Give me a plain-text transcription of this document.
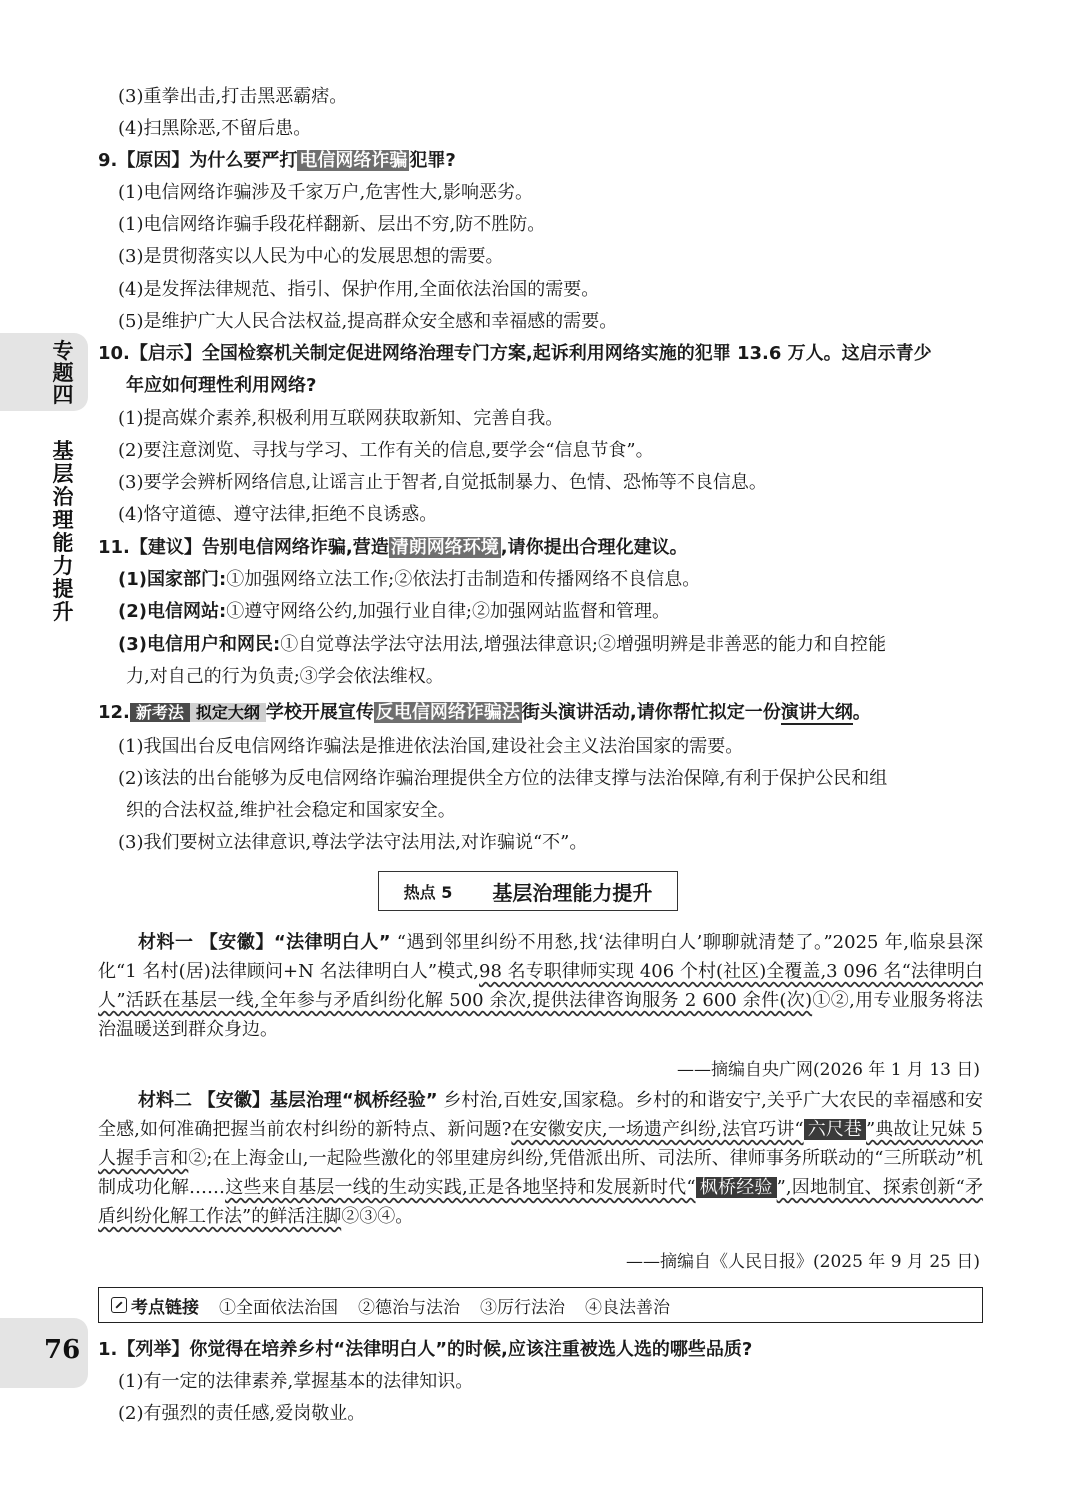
专题四
基层治理能力提升
76
(3)重拳出击,打击黑恶霸痞。
(4)扫黑除恶,不留后患。
9.【原因】为什么要严打 电信网络诈骗 犯罪?
(1)电信网络诈骗涉及千家万户,危害性大,影响恶劣。
(1)电信网络诈骗手段花样翻新、层出不穷,防不胜防。
(3)是贯彻落实以人民为中心的发展思想的需要。
(4)是发挥法律规范、指引、保护作用,全面依法治国的需要。
(5)是维护广大人民合法权益,提高群众安全感和幸福感的需要。
10.【启示】全国检察机关制定促进网络治理专门方案,起诉利用网络实施的犯罪 13.6 万人。这启示青少
年应如何理性利用网络?
(1)提高媒介素养,积极利用互联网获取新知、完善自我。
(2)要注意浏览、寻找与学习、工作有关的信息,要学会“信息节食”。
(3)要学会辨析网络信息,让谣言止于智者,自觉抵制暴力、色情、恐怖等不良信息。
(4)恪守道德、遵守法律,拒绝不良诱惑。
11.【建议】告别电信网络诈骗,营造 清朗网络环境 ,请你提出合理化建议。
(1)国家部门:①加强网络立法工作;②依法打击制造和传播网络不良信息。
(2)电信网站:①遵守网络公约,加强行业自律;②加强网站监督和管理。
(3)电信用户和网民:①自觉尊法学法守法用法,增强法律意识;②增强明辨是非善恶的能力和自控能
力,对自己的行为负责;③学会依法维权。
12. 新考法 拟定大纲 学校开展宣传 反电信网络诈骗法 街头演讲活动,请你帮忙拟定一份演讲大纲。
(1)我国出台反电信网络诈骗法是推进依法治国,建设社会主义法治国家的需要。
(2)该法的出台能够为反电信网络诈骗治理提供全方位的法律支撑与法治保障,有利于保护公民和组
织的合法权益,维护社会稳定和国家安全。
(3)我们要树立法律意识,尊法学法守法用法,对诈骗说“不”。
热点 5 基层治理能力提升
材料一 【安徽】“法律明白人” “遇到邻里纠纷不用愁,找‘法律明白人’聊聊就清楚了。”2025 年,临泉县深化“1 名村(居)法律顾问+N 名法律明白人”模式,98 名专职律师实现 406 个村(社区)全覆盖,3 096 名“法律明白人”活跃在基层一线,全年参与矛盾纠纷化解 500 余次,提供法律咨询服务 2 600 余件(次)①②,用专业服务将法治温暖送到群众身边。
——摘编自央广网(2026 年 1 月 13 日)
材料二 【安徽】基层治理“枫桥经验” 乡村治,百姓安,国家稳。乡村的和谐安宁,关乎广大农民的幸福感和安全感,如何准确把握当前农村纠纷的新特点、新问题?在安徽安庆,一场遗产纠纷,法官巧讲“ 六尺巷 ”典故让兄妹 5 人握手言和②;在上海金山,一起险些激化的邻里建房纠纷,凭借派出所、司法所、律师事务所联动的“三所联动”机制成功化解……这些来自基层一线的生动实践,正是各地坚持和发展新时代“ 枫桥经验 ”,因地制宜、探索创新“矛盾纠纷化解工作法”的鲜活注脚②③④。
——摘编自《人民日报》(2025 年 9 月 25 日)
考点链接 ①全面依法治国 ②德治与法治 ③厉行法治 ④良法善治
1.【列举】你觉得在培养乡村“法律明白人”的时候,应该注重被选人选的哪些品质?
(1)有一定的法律素养,掌握基本的法律知识。
(2)有强烈的责任感,爱岗敬业。
